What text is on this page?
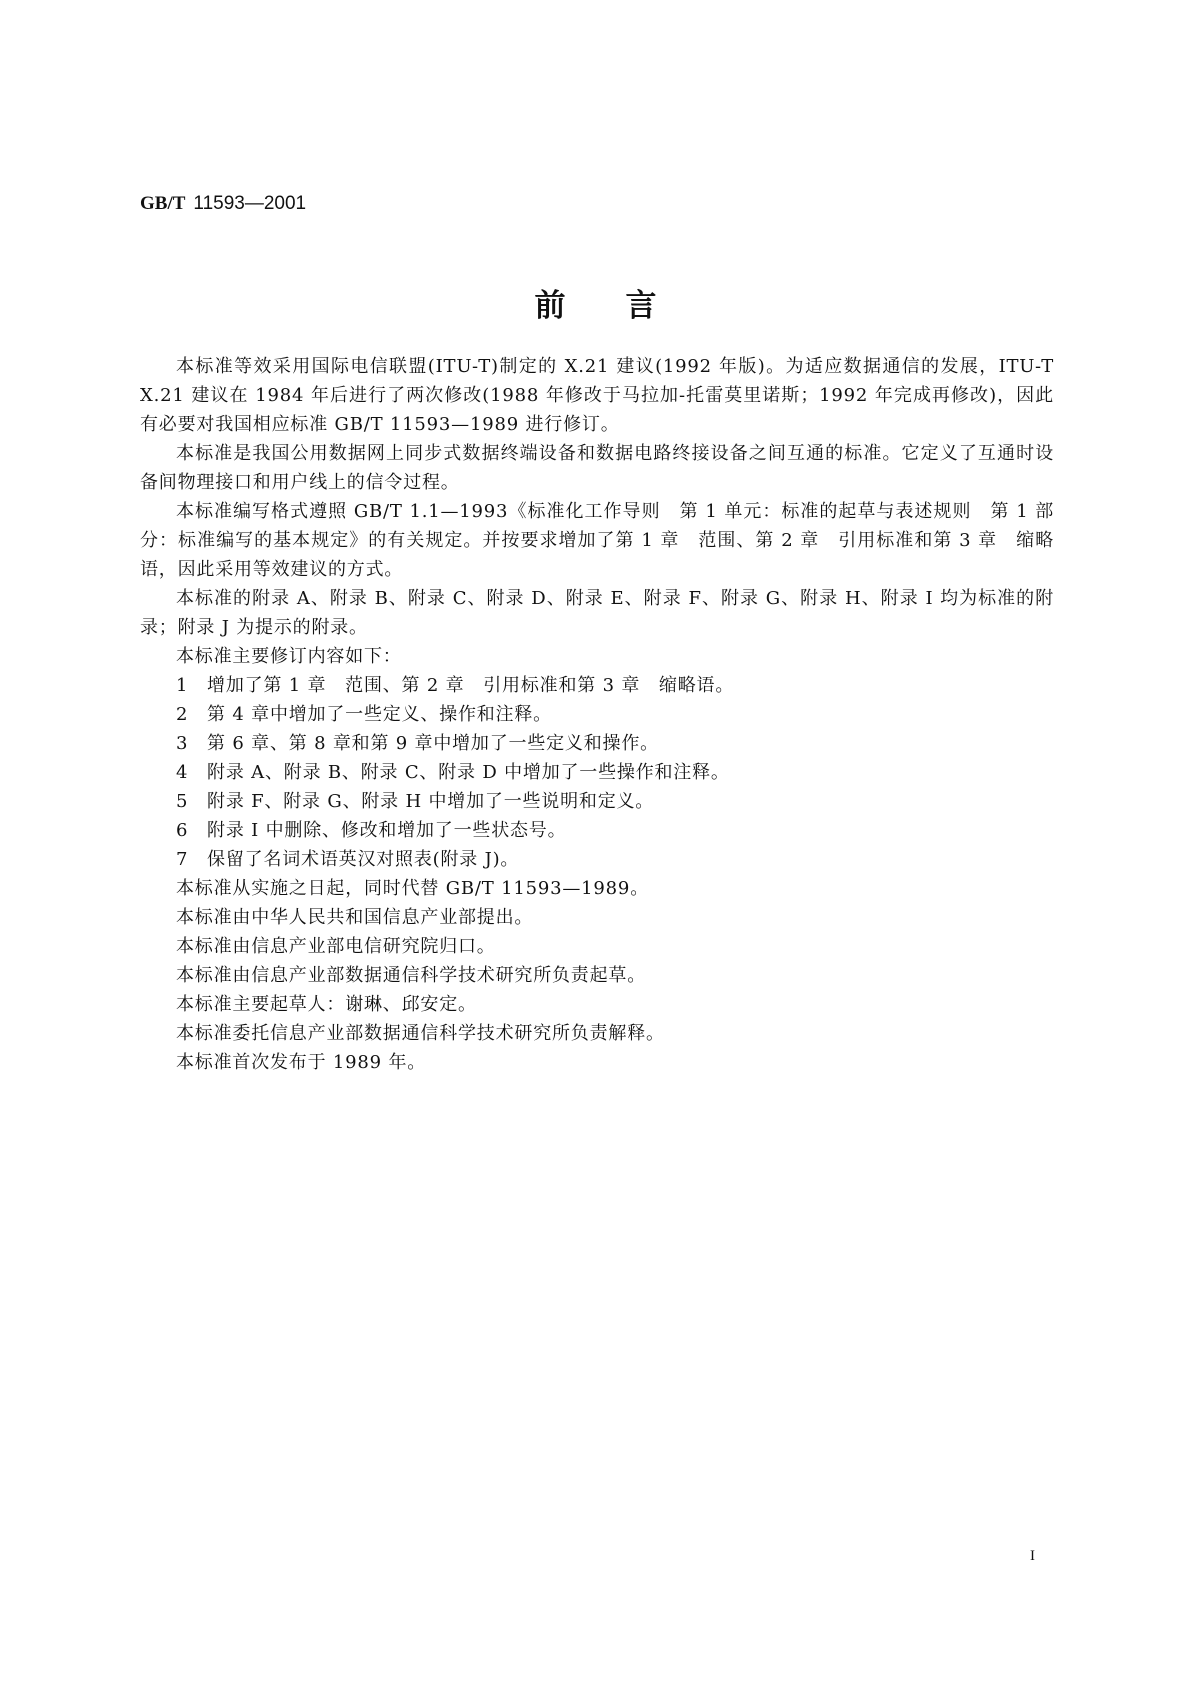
GB/T 11593—2001
前言

本标准等效采用国际电信联盟(ITU-T)制定的 X.21 建议(1992 年版)。为适应数据通信的发展，ITU-T X.21 建议在 1984 年后进行了两次修改(1988 年修改于马拉加-托雷莫里诺斯；1992 年完成再修改)，因此有必要对我国相应标准 GB/T 11593—1989 进行修订。

本标准是我国公用数据网上同步式数据终端设备和数据电路终接设备之间互通的标准。它定义了互通时设备间物理接口和用户线上的信令过程。

本标准编写格式遵照 GB/T 1.1—1993《标准化工作导则　第 1 单元：标准的起草与表述规则　第 1 部分：标准编写的基本规定》的有关规定。并按要求增加了第 1 章　范围、第 2 章　引用标准和第 3 章　缩略语，因此采用等效建议的方式。

本标准的附录 A、附录 B、附录 C、附录 D、附录 E、附录 F、附录 G、附录 H、附录 I 均为标准的附录；附录 J 为提示的附录。

本标准主要修订内容如下：

1　增加了第 1 章　范围、第 2 章　引用标准和第 3 章　缩略语。

2　第 4 章中增加了一些定义、操作和注释。

3　第 6 章、第 8 章和第 9 章中增加了一些定义和操作。

4　附录 A、附录 B、附录 C、附录 D 中增加了一些操作和注释。

5　附录 F、附录 G、附录 H 中增加了一些说明和定义。

6　附录 I 中删除、修改和增加了一些状态号。

7　保留了名词术语英汉对照表(附录 J)。

本标准从实施之日起，同时代替 GB/T 11593—1989。

本标准由中华人民共和国信息产业部提出。

本标准由信息产业部电信研究院归口。

本标准由信息产业部数据通信科学技术研究所负责起草。

本标准主要起草人：谢琳、邱安定。

本标准委托信息产业部数据通信科学技术研究所负责解释。

本标准首次发布于 1989 年。

I
